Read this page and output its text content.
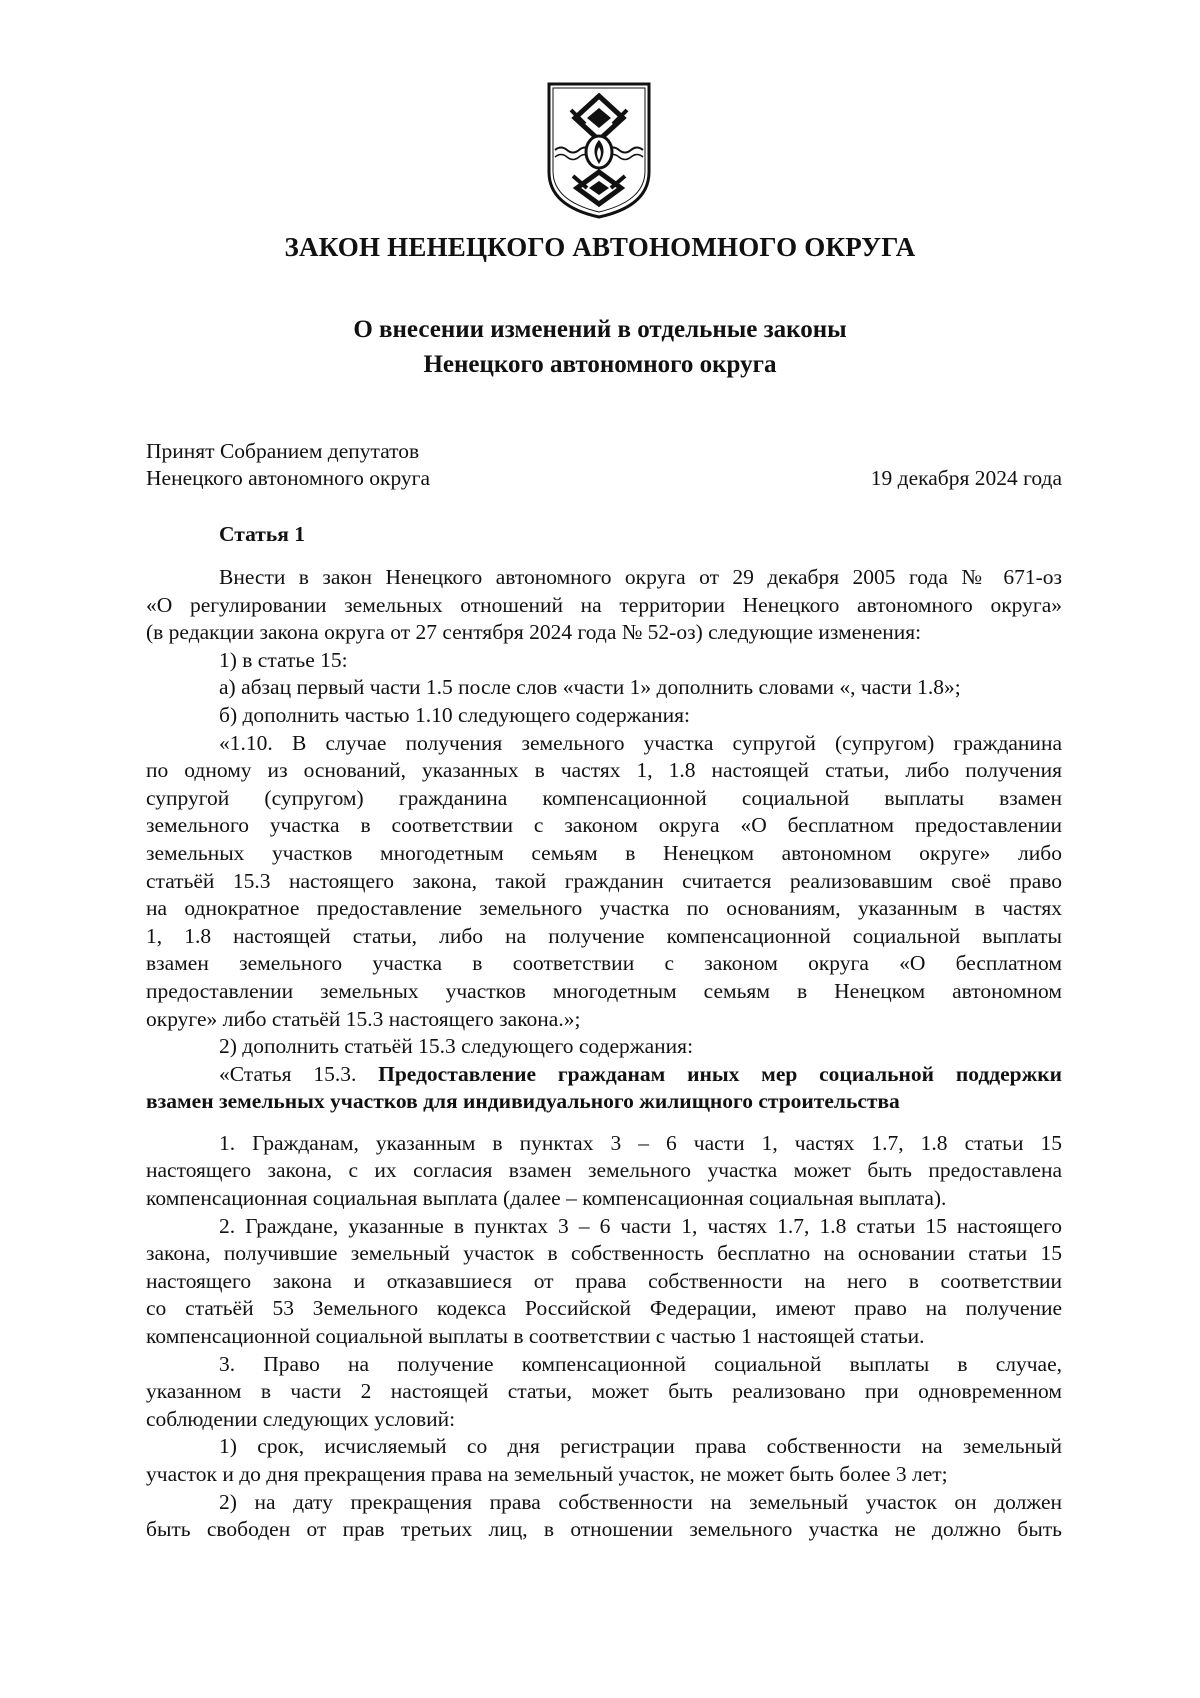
ЗАКОН НЕНЕЦКОГО АВТОНОМНОГО ОКРУГА
О внесении изменений в отдельные законы
Ненецкого автономного округа
Принят Собранием депутатов
Ненецкого автономного округа	19 декабря 2024 года
Статья 1
Внести в закон Ненецкого автономного округа от 29 декабря 2005 года № 671-оз
«О регулировании земельных отношений на территории Ненецкого автономного округа»
(в редакции закона округа от 27 сентября 2024 года № 52-оз) следующие изменения:
1) в статье 15:
а) абзац первый части 1.5 после слов «части 1» дополнить словами «, части 1.8»;
б) дополнить частью 1.10 следующего содержания:
«1.10. В случае получения земельного участка супругой (супругом) гражданина
по одному из оснований, указанных в частях 1, 1.8 настоящей статьи, либо получения
супругой (супругом) гражданина компенсационной социальной выплаты взамен
земельного участка в соответствии с законом округа «О бесплатном предоставлении
земельных участков многодетным семьям в Ненецком автономном округе» либо
статьёй 15.3 настоящего закона, такой гражданин считается реализовавшим своё право
на однократное предоставление земельного участка по основаниям, указанным в частях
1, 1.8 настоящей статьи, либо на получение компенсационной социальной выплаты
взамен земельного участка в соответствии с законом округа «О бесплатном
предоставлении земельных участков многодетным семьям в Ненецком автономном
округе» либо статьёй 15.3 настоящего закона.»;
2) дополнить статьёй 15.3 следующего содержания:
«Статья 15.3. Предоставление гражданам иных мер социальной поддержки
взамен земельных участков для индивидуального жилищного строительства
1. Гражданам, указанным в пунктах 3 – 6 части 1, частях 1.7, 1.8 статьи 15
настоящего закона, с их согласия взамен земельного участка может быть предоставлена
компенсационная социальная выплата (далее – компенсационная социальная выплата).
2. Граждане, указанные в пунктах 3 – 6 части 1, частях 1.7, 1.8 статьи 15 настоящего
закона, получившие земельный участок в собственность бесплатно на основании статьи 15
настоящего закона и отказавшиеся от права собственности на него в соответствии
со статьёй 53 Земельного кодекса Российской Федерации, имеют право на получение
компенсационной социальной выплаты в соответствии с частью 1 настоящей статьи.
3. Право на получение компенсационной социальной выплаты в случае,
указанном в части 2 настоящей статьи, может быть реализовано при одновременном
соблюдении следующих условий:
1) срок, исчисляемый со дня регистрации права собственности на земельный
участок и до дня прекращения права на земельный участок, не может быть более 3 лет;
2) на дату прекращения права собственности на земельный участок он должен
быть свободен от прав третьих лиц, в отношении земельного участка не должно быть
